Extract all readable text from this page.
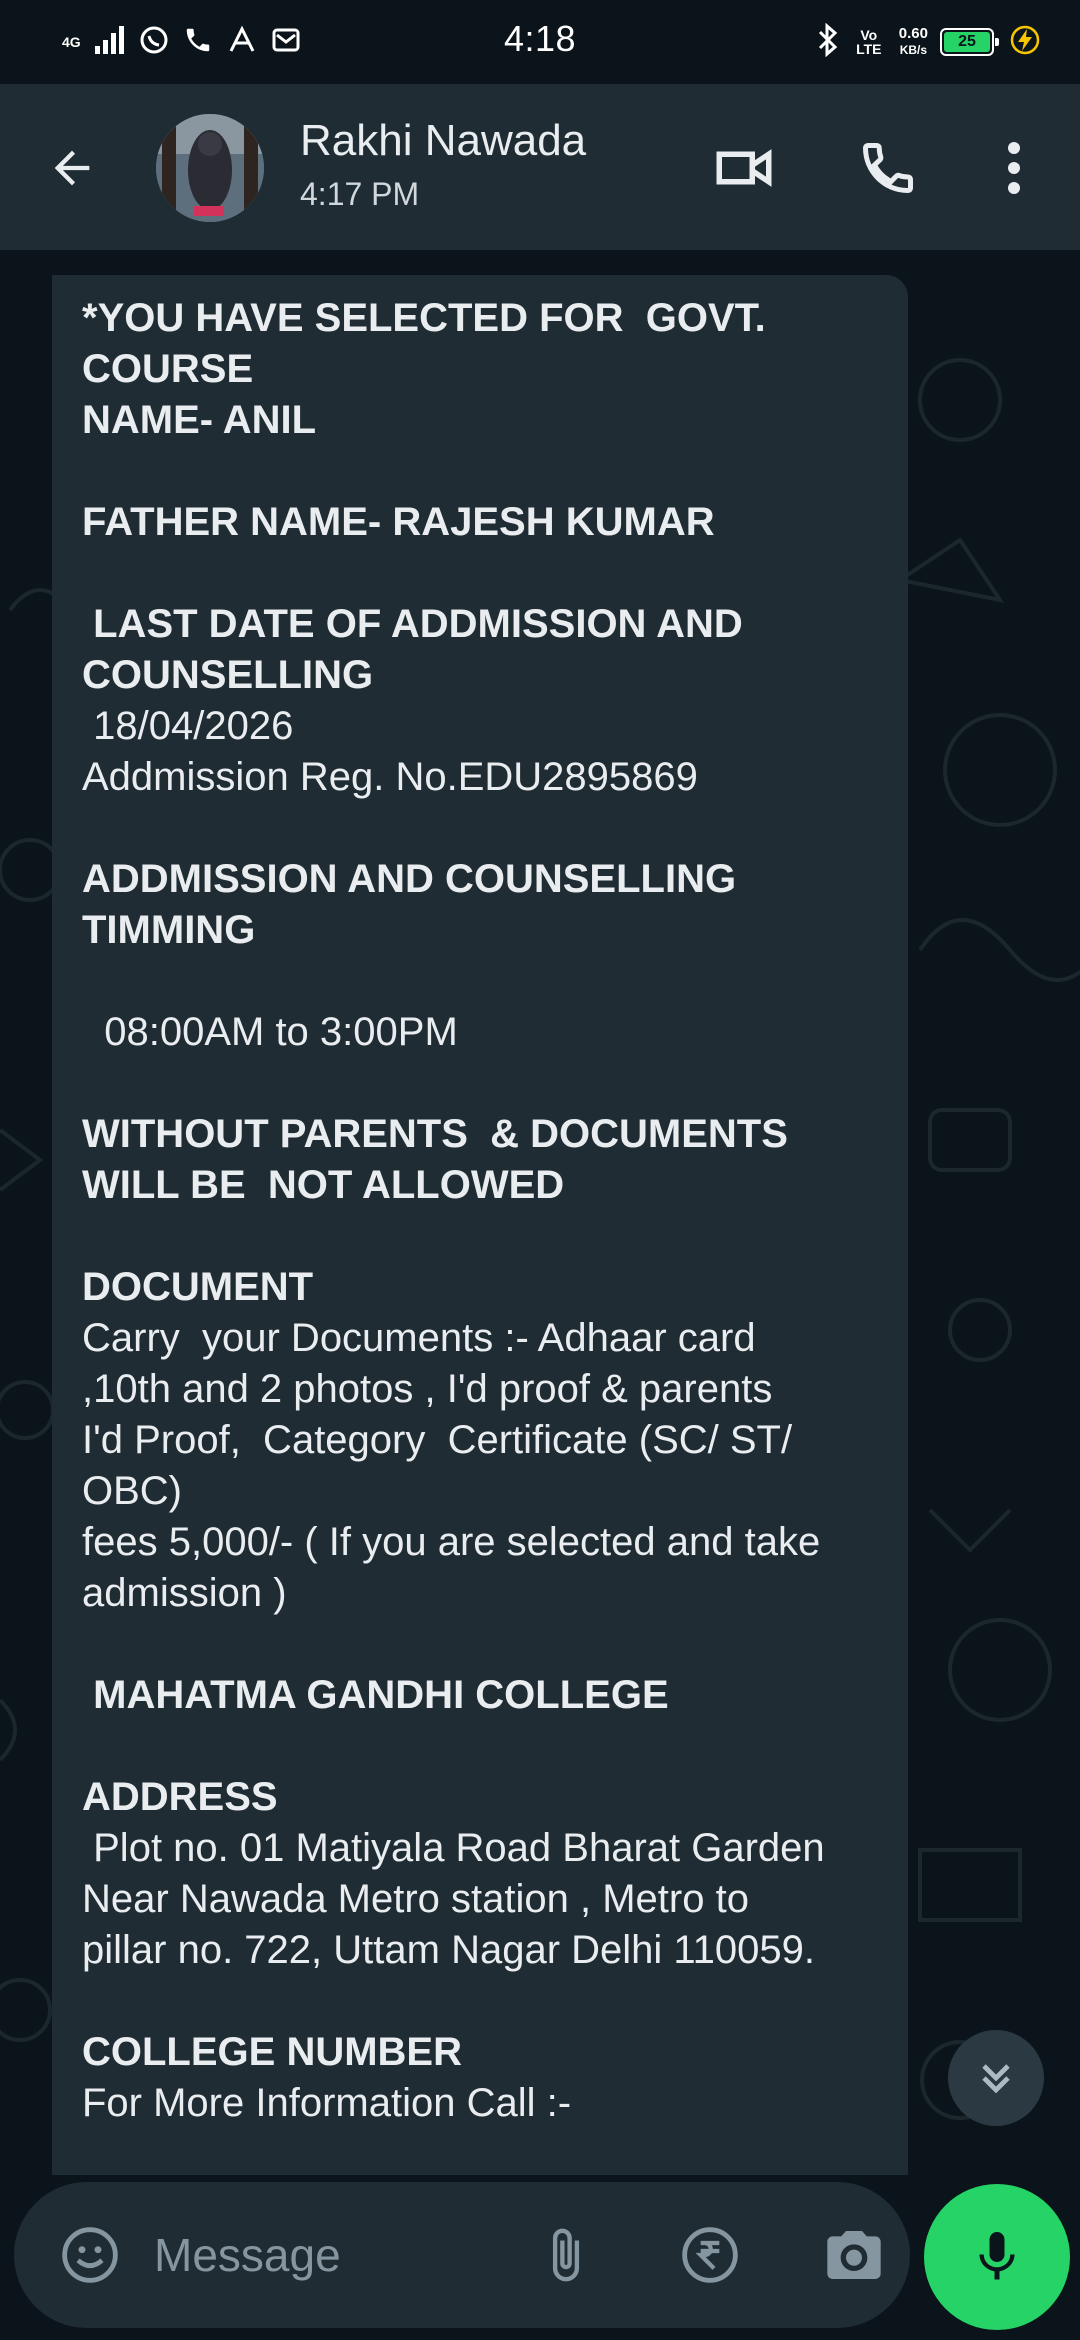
4G	4:18	Vo LTE
0.60
KB/s 25
Rakhi Nawada
4:17 PM

*YOU HAVE SELECTED FOR  GOVT.

COURSE

NAME- ANIL

FATHER NAME- RAJESH KUMAR

LAST DATE OF ADDMISSION AND

COUNSELLING

18/04/2026

Addmission Reg. No.EDU2895869

ADDMISSION AND COUNSELLING

TIMMING

08:00AM to 3:00PM

WITHOUT PARENTS  & DOCUMENTS

WILL BE  NOT ALLOWED

DOCUMENT

Carry  your Documents :- Adhaar card

,10th and 2 photos , I'd proof & parents

I'd Proof,  Category  Certificate (SC/ ST/

OBC)

fees 5,000/- ( If you are selected and take

admission )

MAHATMA GANDHI COLLEGE

ADDRESS

Plot no. 01 Matiyala Road Bharat Garden

Near Nawada Metro station , Metro to

pillar no. 722, Uttam Nagar Delhi 110059.

COLLEGE NUMBER

For More Information Call :-

Message
